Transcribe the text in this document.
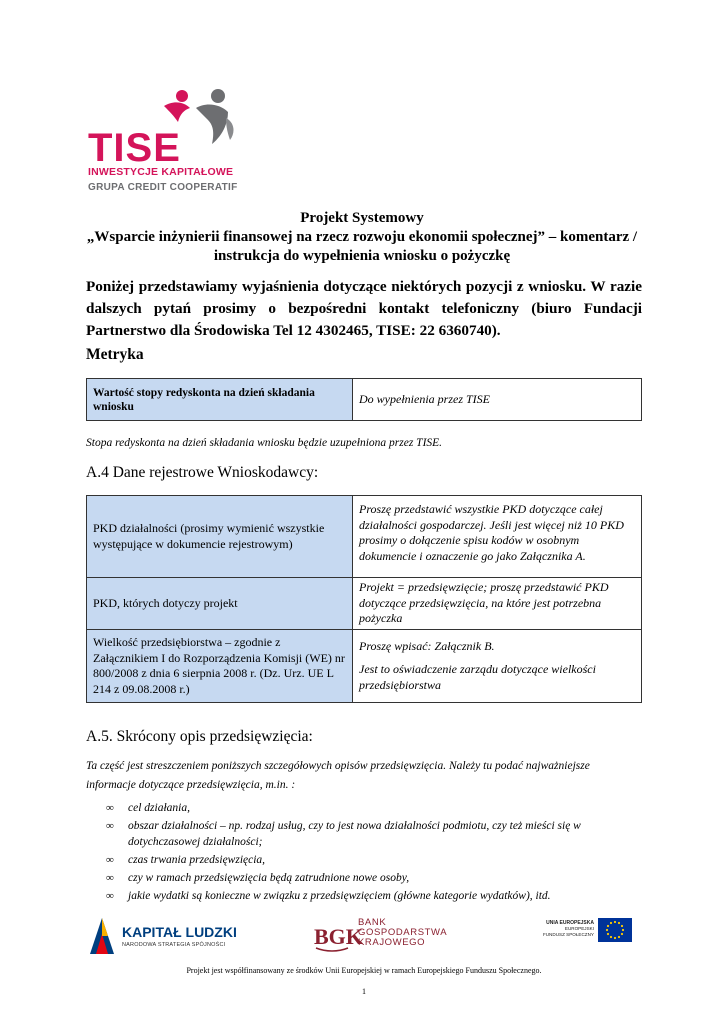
TISE
INWESTYCJE KAPITAŁOWE
GRUPA CREDIT COOPERATIF
Projekt Systemowy
„Wsparcie inżynierii finansowej na rzecz rozwoju ekonomii społecznej” – komentarz /
instrukcja do wypełnienia wniosku o pożyczkę

Poniżej przedstawiamy wyjaśnienia dotyczące niektórych pozycji z wniosku. W razie dalszych pytań prosimy o bezpośredni kontakt telefoniczny (biuro Fundacji Partnerstwo dla Środowiska Tel 12 4302465, TISE: 22 6360740).

Metryka
Wartość stopy redyskonta na dzień składania wniosku	Do wypełnienia przez TISE
Stopa redyskonta na dzień składania wniosku będzie uzupełniona przez TISE.
A.4 Dane rejestrowe Wnioskodawcy:
PKD działalności (prosimy wymienić wszystkie występujące w dokumencie rejestrowym)	Proszę przedstawić wszystkie PKD dotyczące całej działalności gospodarczej. Jeśli jest więcej niż 10 PKD prosimy o dołączenie spisu kodów w osobnym dokumencie i oznaczenie go jako Załącznika A.
PKD, których dotyczy projekt	Projekt = przedsięwzięcie; proszę przedstawić PKD dotyczące przedsięwzięcia, na które jest potrzebna pożyczka
Wielkość przedsiębiorstwa – zgodnie z Załącznikiem I do Rozporządzenia Komisji (WE) nr 800/2008 z dnia 6 sierpnia 2008 r. (Dz. Urz. UE L 214 z 09.08.2008 r.)	Proszę wpisać: Załącznik B.
Jest to oświadczenie zarządu dotyczące wielkości przedsiębiorstwa
A.5. Skrócony opis przedsięwzięcia:
Ta część jest streszczeniem poniższych szczegółowych opisów przedsięwzięcia. Należy tu podać najważniejsze informacje dotyczące przedsięwzięcia, m.in. :
∞ cel działania,
∞ obszar działalności – np. rodzaj usług, czy to jest nowa działalności podmiotu, czy też mieści się w dotychczasowej działalności;
∞ czas trwania przedsięwzięcia,
∞ czy w ramach przedsięwzięcia będą zatrudnione nowe osoby,
∞ jakie wydatki są konieczne w związku z przedsięwzięciem (główne kategorie wydatków), itd.
KAPITAŁ LUDZKI
NARODOWA STRATEGIA SPÓJNOŚCI	BGK
BANK
GOSPODARSTWA
KRAJOWEGO
UNIA EUROPEJSKA
EUROPEJSKI
FUNDUSZ SPOŁECZNY
Projekt jest współfinansowany ze środków Unii Europejskiej w ramach Europejskiego Funduszu Społecznego.
1
